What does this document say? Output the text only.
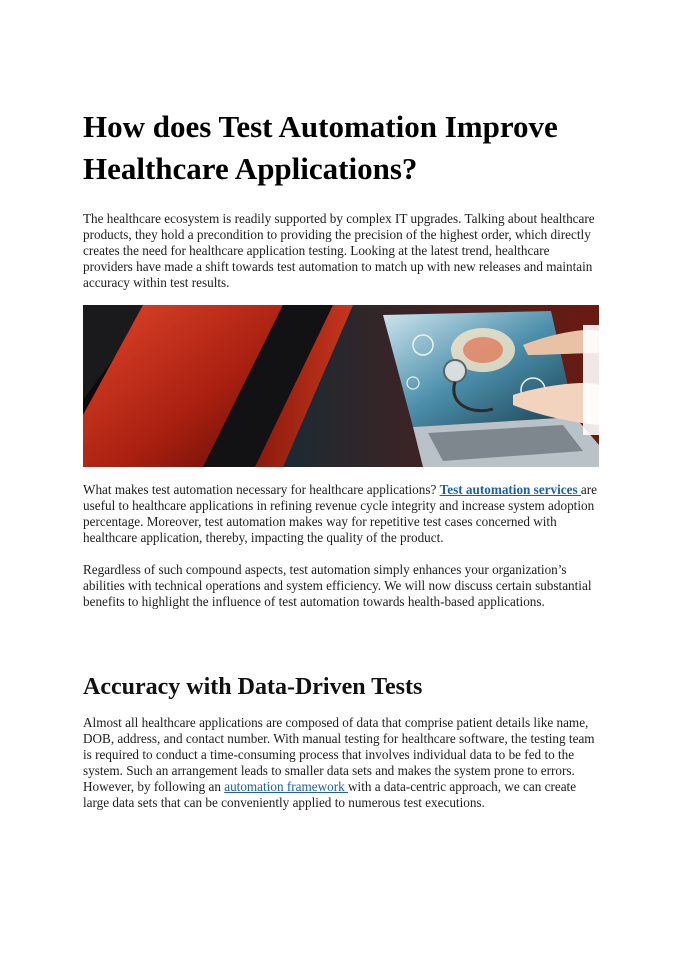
How does Test Automation Improve Healthcare Applications?

The healthcare ecosystem is readily supported by complex IT upgrades. Talking about healthcare products, they hold a precondition to providing the precision of the highest order, which directly creates the need for healthcare application testing. Looking at the latest trend, healthcare providers have made a shift towards test automation to match up with new releases and maintain accuracy within test results.

What makes test automation necessary for healthcare applications? Test automation services are useful to healthcare applications in refining revenue cycle integrity and increase system adoption percentage. Moreover, test automation makes way for repetitive test cases concerned with healthcare application, thereby, impacting the quality of the product.

Regardless of such compound aspects, test automation simply enhances your organization’s abilities with technical operations and system efficiency. We will now discuss certain substantial benefits to highlight the influence of test automation towards health-based applications.

Accuracy with Data-Driven Tests

Almost all healthcare applications are composed of data that comprise patient details like name, DOB, address, and contact number. With manual testing for healthcare software, the testing team is required to conduct a time-consuming process that involves individual data to be fed to the system. Such an arrangement leads to smaller data sets and makes the system prone to errors. However, by following an automation framework with a data-centric approach, we can create large data sets that can be conveniently applied to numerous test executions.
